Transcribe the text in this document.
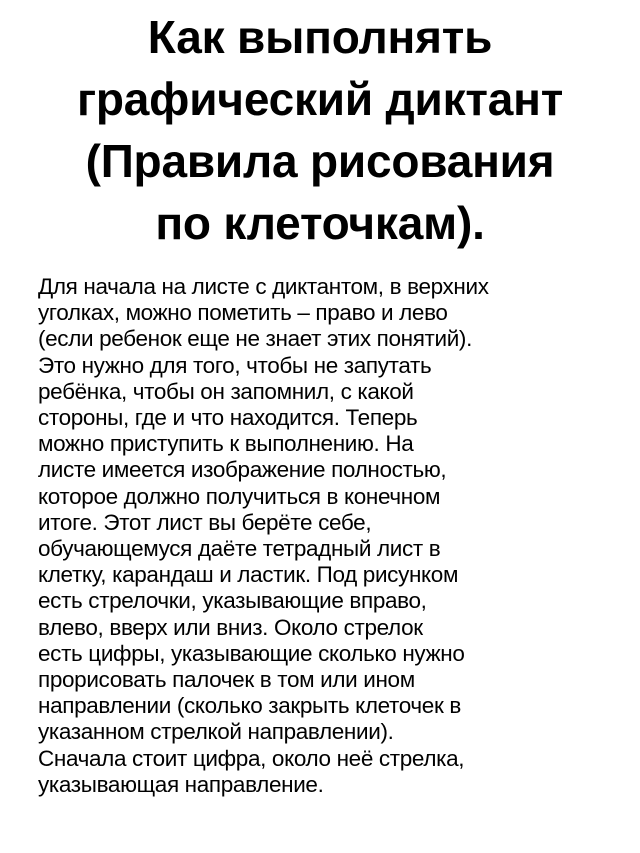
Как выполнять
графический диктант
(Правила рисования
по клеточкам).
Для начала на листе с диктантом, в верхних
уголках, можно пометить – право и лево
(если ребенок еще не знает этих понятий).
Это нужно для того, чтобы не запутать
ребёнка, чтобы он запомнил, с какой
стороны, где и что находится. Теперь
можно приступить к выполнению. На
листе имеется изображение полностью,
которое должно получиться в конечном
итоге. Этот лист вы берёте себе,
обучающемуся даёте тетрадный лист в
клетку, карандаш и ластик. Под рисунком
есть стрелочки, указывающие вправо,
влево, вверх или вниз. Около стрелок
есть цифры, указывающие сколько нужно
прорисовать палочек в том или ином
направлении (сколько закрыть клеточек в
указанном стрелкой направлении).
Сначала стоит цифра, около неё стрелка,
указывающая направление.
